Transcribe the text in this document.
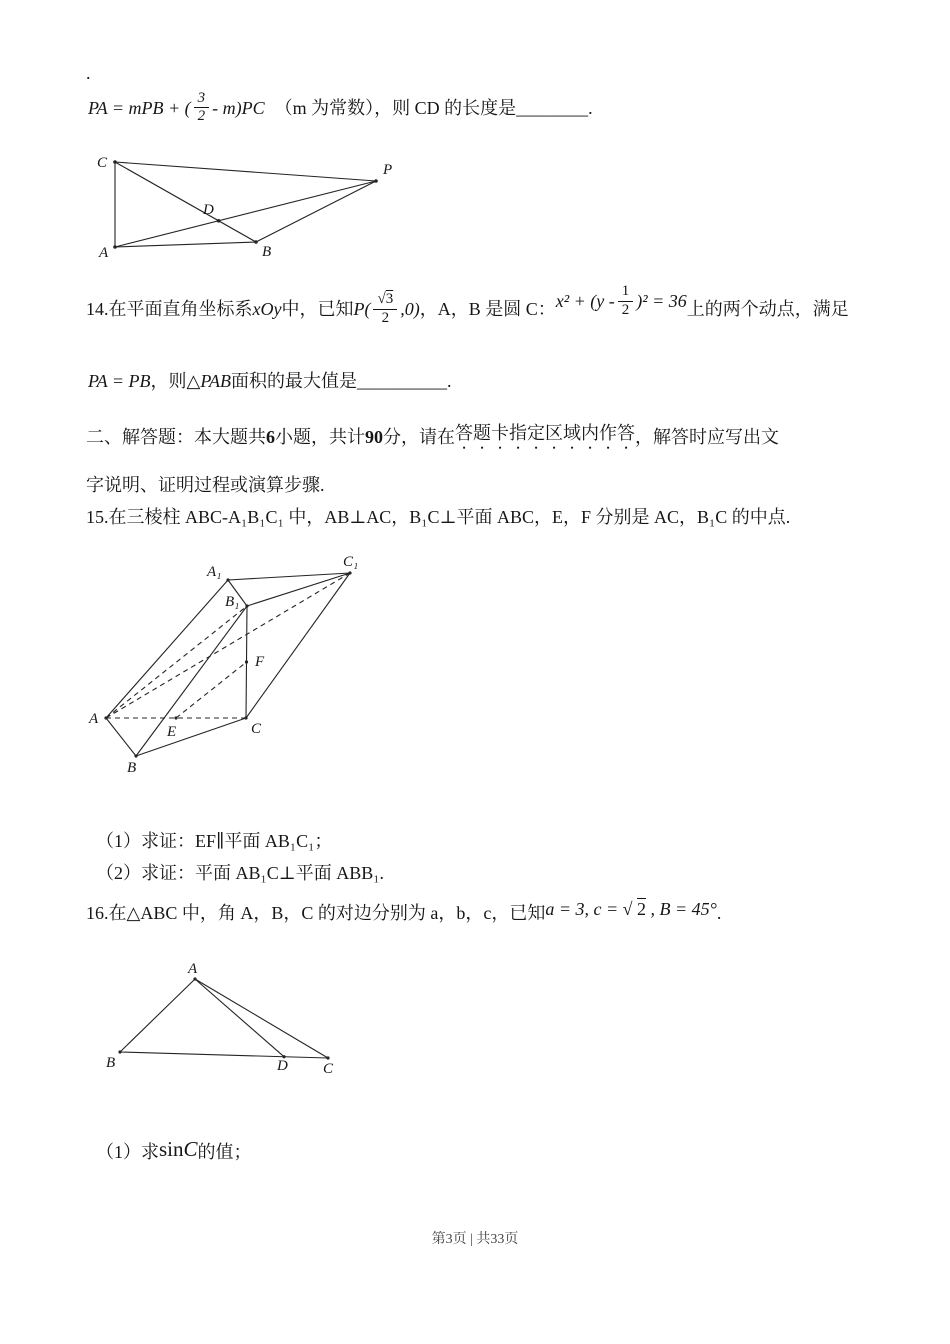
.
PA = mPB + ( $\frac{3}{2} - m)PC$ （m 为常数），则 CD 的长度是________.
C	P
D
A	B
14.在平面直角坐标系 xOy 中，已知 $P( \frac{√3}{2} ,0)$ ，A，B 是圆 C： $x^2 + (y - \frac{1}{2} )^2 = 36$ 上的两个动点，满足
PA = PB ，则△ PAB 面积的最大值是__________.
二、解答题：本大题共 6 小题，共计 90 分，请在 答题卡指定区域内作答 ，解答时应写出文
字说明、证明过程或演算步骤.
15.在三棱柱 ABC-A₁B₁C₁ 中，AB⊥AC，B₁C⊥平面 ABC，E，F 分别是 AC，B₁C 的中点.
A₁
C₁
B₁
F
A
E	C
B
（1）求证：EF∥平面 AB₁C₁；
（2）求证：平面 AB₁C⊥平面 ABB₁.
16.在△ABC 中，角 A，B，C 的对边分别为 a，b，c，已知 a = 3, c = √ 2 , B = 45° .
A
B	D C
（1）求 sinC 的值；
第3页 | 共33页
